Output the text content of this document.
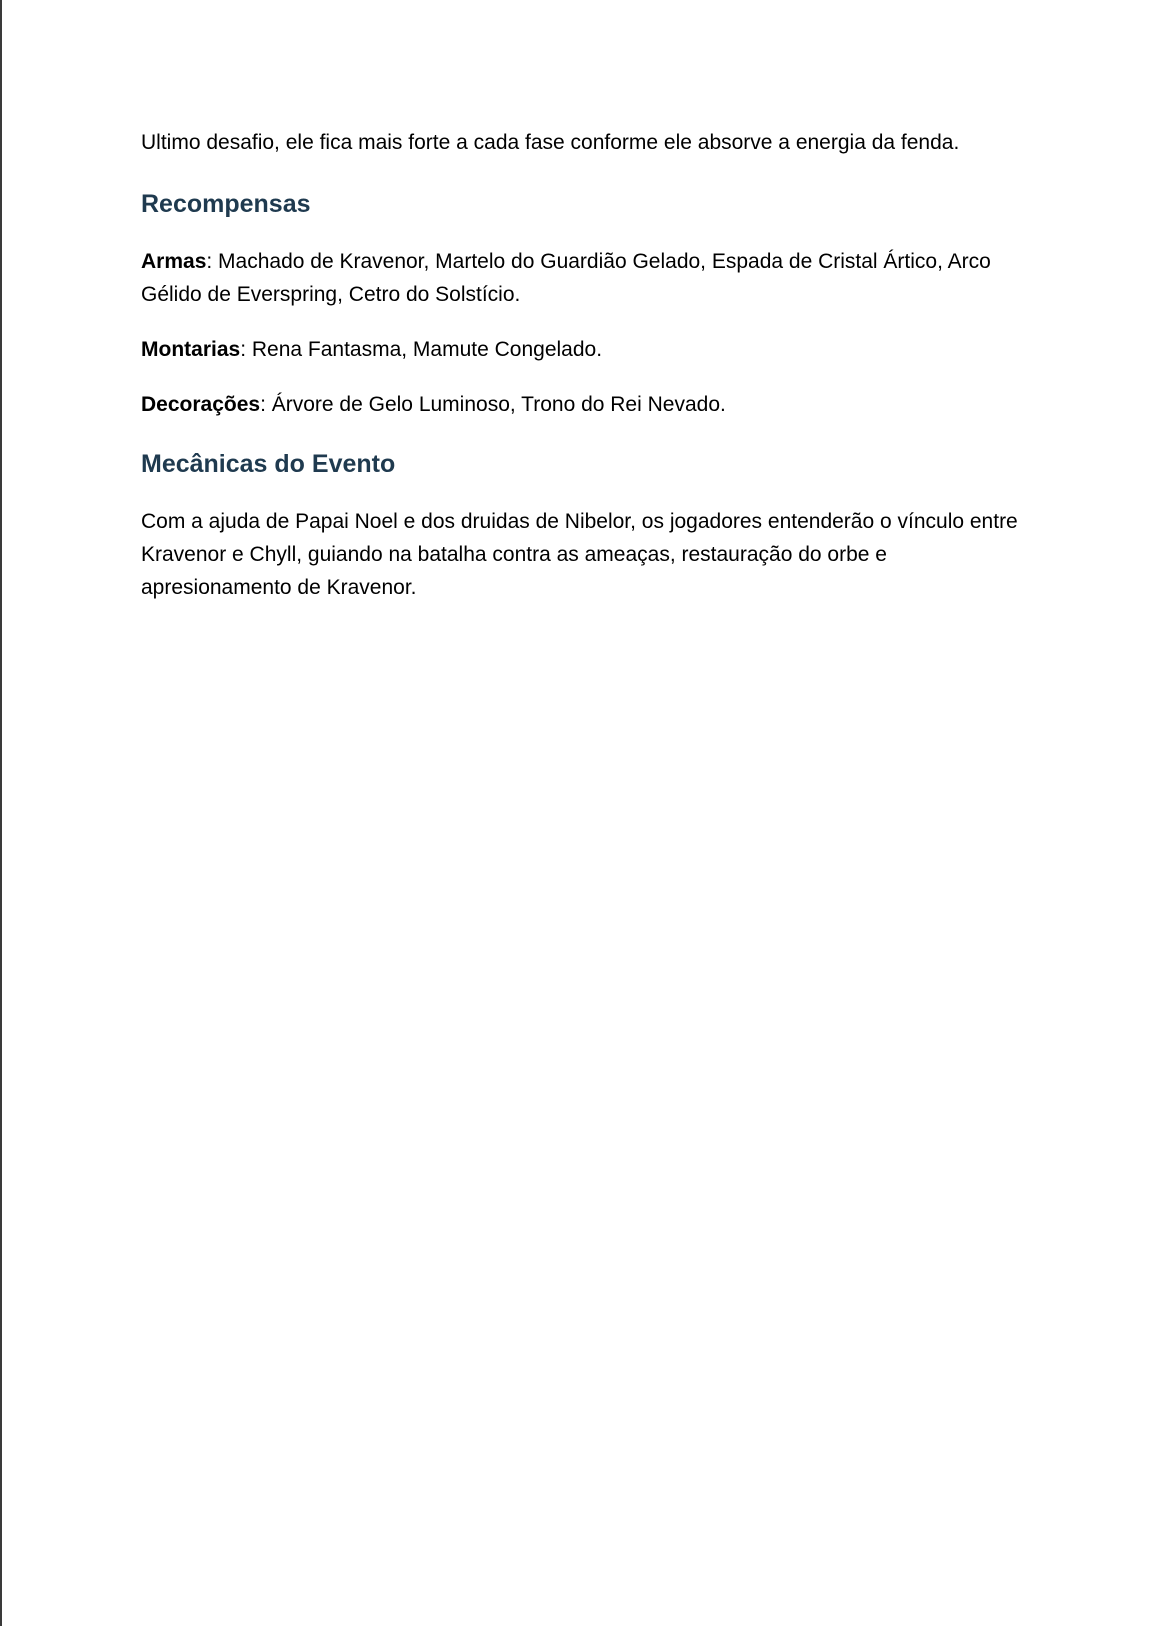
Ultimo desafio, ele fica mais forte a cada fase conforme ele absorve a energia da fenda.

Recompensas

Armas: Machado de Kravenor, Martelo do Guardião Gelado, Espada de Cristal Ártico, Arco Gélido de Everspring, Cetro do Solstício.

Montarias: Rena Fantasma, Mamute Congelado.

Decorações: Árvore de Gelo Luminoso, Trono do Rei Nevado.

Mecânicas do Evento

Com a ajuda de Papai Noel e dos druidas de Nibelor, os jogadores entenderão o vínculo entre Kravenor e Chyll, guiando na batalha contra as ameaças, restauração do orbe e apresionamento de Kravenor.
